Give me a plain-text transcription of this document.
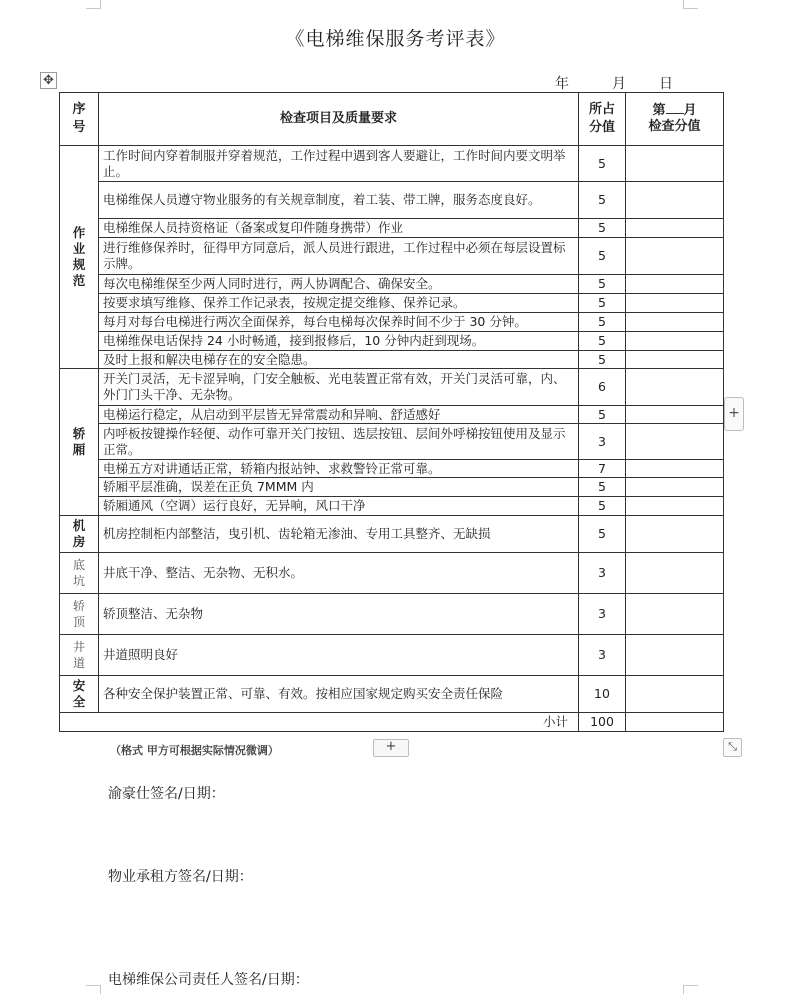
《电梯维保服务考评表》
✥	年	月 日
序号	检查项目及质量要求	所占分值	第 月
检查分值
作业规范	工作时间内穿着制服并穿着规范，工作过程中遇到客人要避让，工作时间内要文明举止。	5	
	电梯维保人员遵守物业服务的有关规章制度，着工装、带工牌，服务态度良好。	5	
	电梯维保人员持资格证（备案或复印件随身携带）作业	5	
	进行维修保养时，征得甲方同意后，派人员进行跟进，工作过程中必须在每层设置标示牌。	5	
	每次电梯维保至少两人同时进行，两人协调配合、确保安全。	5	
	按要求填写维修、保养工作记录表，按规定提交维修、保养记录。	5	
	每月对每台电梯进行两次全面保养，每台电梯每次保养时间不少于 30 分钟。	5	
	电梯维保电话保持 24 小时畅通，接到报修后，10 分钟内赶到现场。	5	
	及时上报和解决电梯存在的安全隐患。	5	
轿厢	开关门灵活，无卡涩异响，门安全触板、光电装置正常有效，开关门灵活可靠，内、外门门头干净、无杂物。	6	
	电梯运行稳定，从启动到平层皆无异常震动和异响、舒适感好	5	
	内呼板按键操作轻便、动作可靠开关门按钮、选层按钮、层间外呼梯按钮使用及显示正常。	3	
	电梯五方对讲通话正常，轿箱内报站钟、求救警铃正常可靠。	7	
	轿厢平层准确，误差在正负 7MMM 内	5	
	轿厢通风（空调）运行良好，无异响，风口干净	5	
机房	机房控制柜内部整洁，曳引机、齿轮箱无渗油、专用工具整齐、无缺损	5	
底坑	井底干净、整洁、无杂物、无积水。	3	
轿顶	轿顶整洁、无杂物	3	
井道	井道照明良好	3	
安全	各种安全保护装置正常、可靠、有效。按相应国家规定购买安全责任保险	10	
小计		100	
+
（格式 甲方可根据实际情况微调）	+	⤡
渝豪仕签名/日期：
物业承租方签名/日期：
电梯维保公司责任人签名/日期：
